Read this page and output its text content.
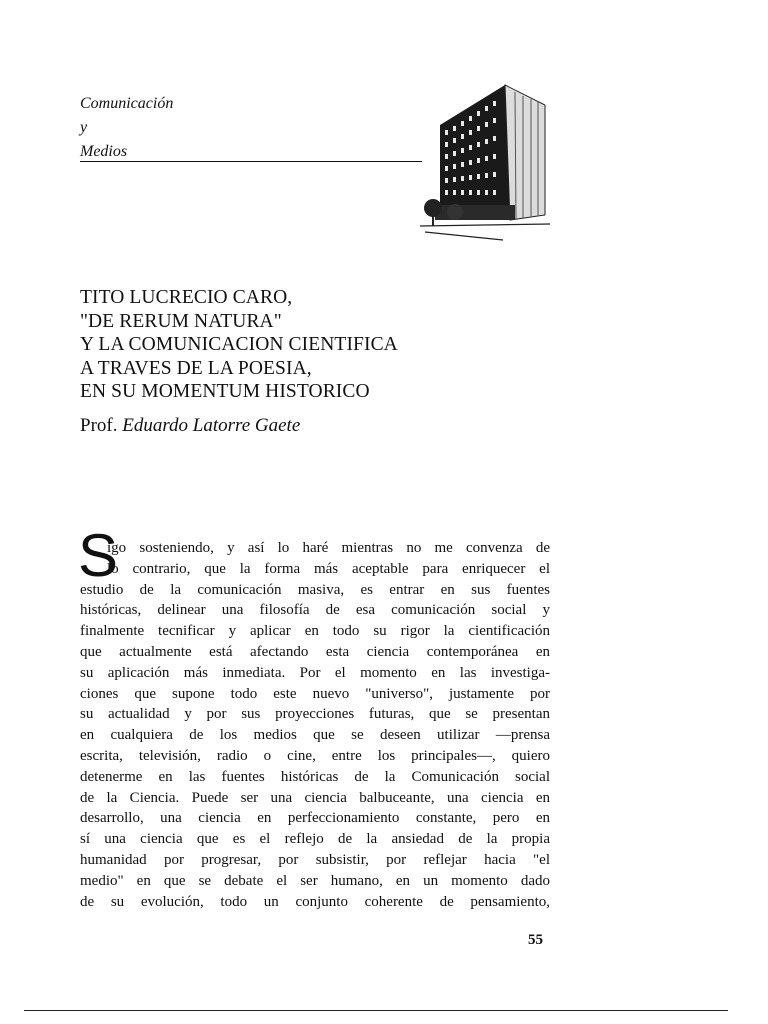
Comunicación
y
Medios
TITO LUCRECIO CARO,
"DE RERUM NATURA"
Y LA COMUNICACION CIENTIFICA
A TRAVES DE LA POESIA,
EN SU MOMENTUM HISTORICO
Prof. Eduardo Latorre Gaete
S
igo sosteniendo, y así lo haré mientras no me convenza de
lo contrario, que la forma más aceptable para enriquecer el
estudio de la comunicación masiva, es entrar en sus fuentes
históricas, delinear una filosofía de esa comunicación social y
finalmente tecnificar y aplicar en todo su rigor la cientificación
que actualmente está afectando esta ciencia contemporánea en
su aplicación más inmediata. Por el momento en las investiga-
ciones que supone todo este nuevo "universo", justamente por
su actualidad y por sus proyecciones futuras, que se presentan
en cualquiera de los medios que se deseen utilizar —prensa
escrita, televisión, radio o cine, entre los principales—, quiero
detenerme en las fuentes históricas de la Comunicación social
de la Ciencia. Puede ser una ciencia balbuceante, una ciencia en
desarrollo, una ciencia en perfeccionamiento constante, pero en
sí una ciencia que es el reflejo de la ansiedad de la propia
humanidad por progresar, por subsistir, por reflejar hacia "el
medio" en que se debate el ser humano, en un momento dado
de su evolución, todo un conjunto coherente de pensamiento,
55
